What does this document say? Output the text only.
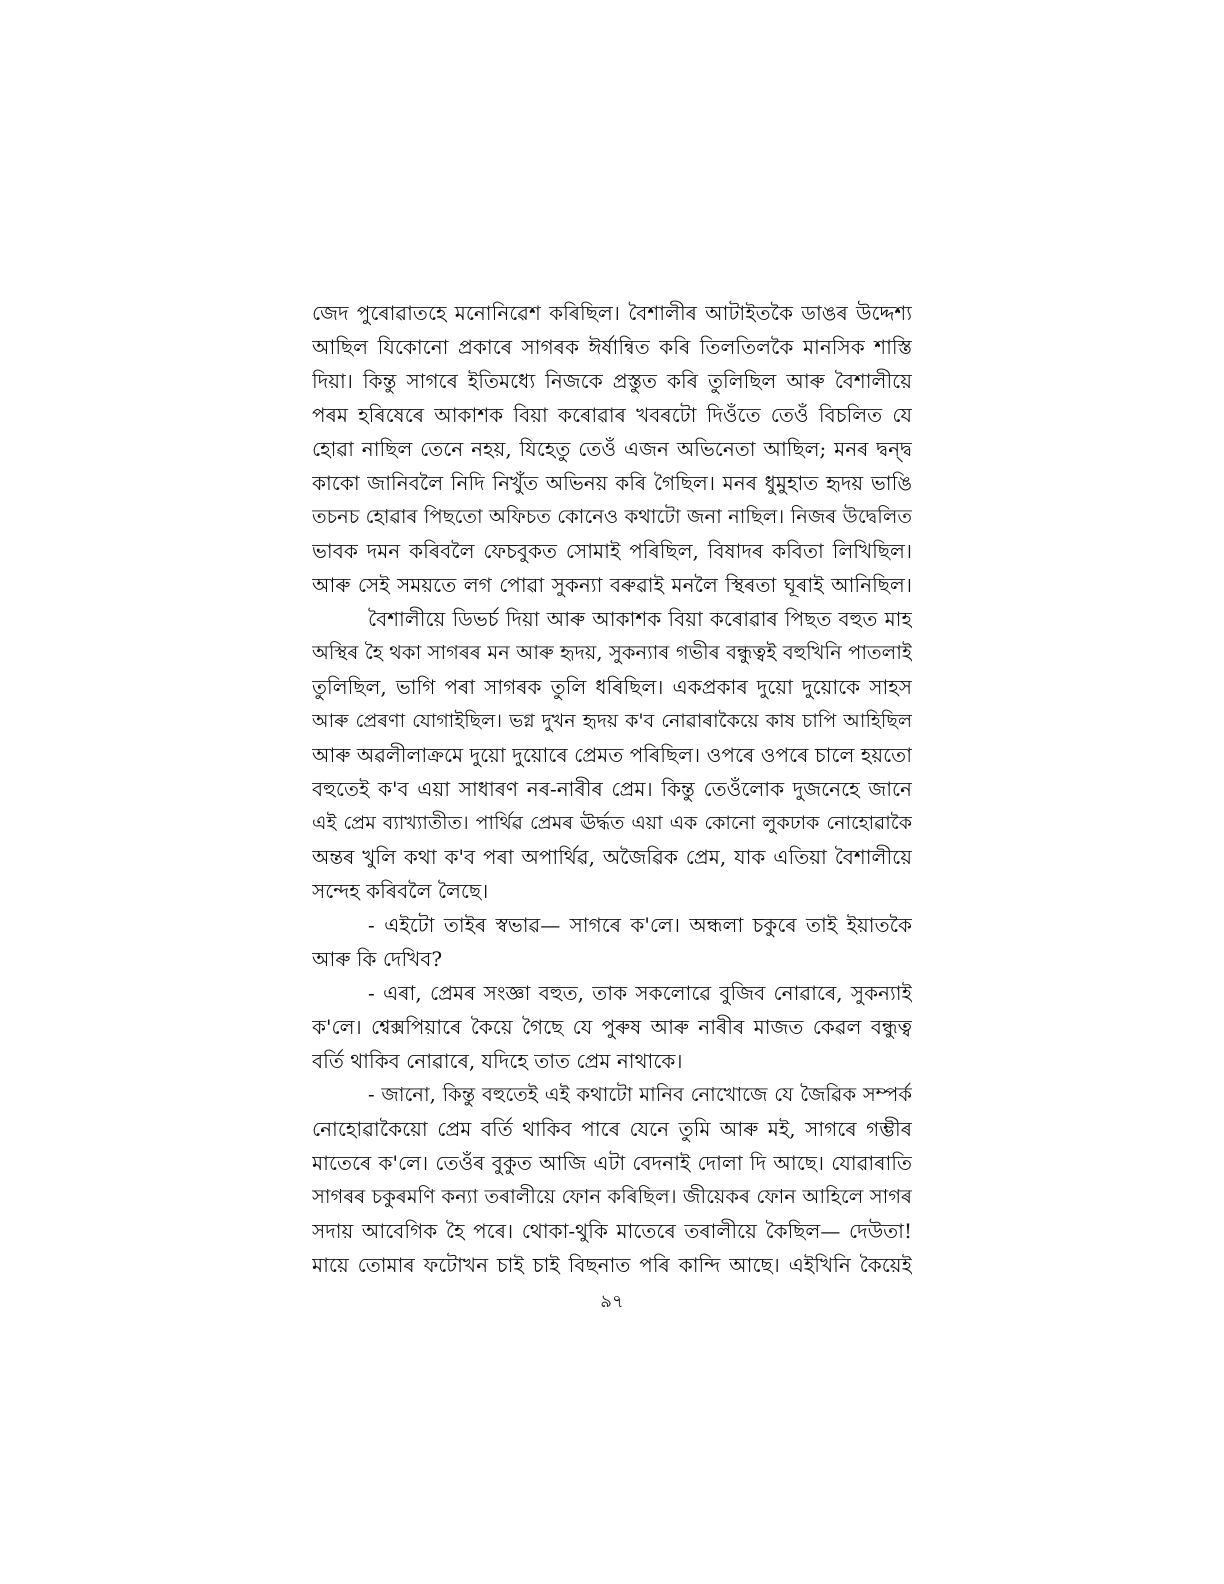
জেদ পুৰোৱাতহে মনোনিৱেশ কৰিছিল। বৈশালীৰ আটাইতকৈ ডাঙৰ উদ্দেশ্য
আছিল যিকোনো প্ৰকাৰে সাগৰক ঈৰ্ষান্বিত কৰি তিলতিলকৈ মানসিক শাস্তি
দিয়া। কিন্তু সাগৰে ইতিমধ্যে নিজকে প্ৰস্তুত কৰি তুলিছিল আৰু বৈশালীয়ে
পৰম হৰিষেৰে আকাশক বিয়া কৰোৱাৰ খবৰটো দিওঁতে তেওঁ বিচলিত যে
হোৱা নাছিল তেনে নহয়, যিহেতু তেওঁ এজন অভিনেতা আছিল; মনৰ দ্বন্দ্ব
কাকো জানিবলৈ নিদি নিখুঁত অভিনয় কৰি গৈছিল। মনৰ ধুমুহাত হৃদয় ভাঙি
তচনচ হোৱাৰ পিছতো অফিচত কোনেও কথাটো জনা নাছিল। নিজৰ উদ্বেলিত
ভাবক দমন কৰিবলৈ ফেচবুকত সোমাই পৰিছিল, বিষাদৰ কবিতা লিখিছিল।
আৰু সেই সময়তে লগ পোৱা সুকন্যা বৰুৱাই মনলৈ স্থিৰতা ঘূৰাই আনিছিল।
বৈশালীয়ে ডিভৰ্চ দিয়া আৰু আকাশক বিয়া কৰোৱাৰ পিছত বহুত মাহ
অস্থিৰ হৈ থকা সাগৰৰ মন আৰু হৃদয়, সুকন্যাৰ গভীৰ বন্ধুত্বই বহুখিনি পাতলাই
তুলিছিল, ভাগি পৰা সাগৰক তুলি ধৰিছিল। একপ্ৰকাৰ দুয়ো দুয়োকে সাহস
আৰু প্ৰেৰণা যোগাইছিল। ভগ্ন দুখন হৃদয় ক'ব নোৱাৰাকৈয়ে কাষ চাপি আহিছিল
আৰু অৱলীলাক্ৰমে দুয়ো দুয়োৰে প্ৰেমত পৰিছিল। ওপৰে ওপৰে চালে হয়তো
বহুতেই ক'ব এয়া সাধাৰণ নৰ-নাৰীৰ প্ৰেম। কিন্তু তেওঁলোক দুজনেহে জানে
এই প্ৰেম ব্যাখ্যাতীত। পাৰ্থিৱ প্ৰেমৰ ঊৰ্দ্ধত এয়া এক কোনো লুকঢাক নোহোৱাকৈ
অন্তৰ খুলি কথা ক'ব পৰা অপাৰ্থিৱ, অজৈৱিক প্ৰেম, যাক এতিয়া বৈশালীয়ে
সন্দেহ কৰিবলৈ লৈছে।
- এইটো তাইৰ স্বভাৱ— সাগৰে ক'লে। অন্ধলা চকুৰে তাই ইয়াতকৈ
আৰু কি দেখিব?
- এৰা, প্ৰেমৰ সংজ্ঞা বহুত, তাক সকলোৱে বুজিব নোৱাৰে, সুকন্যাই
ক'লে। শ্বেক্সপিয়াৰে কৈয়ে গৈছে যে পুৰুষ আৰু নাৰীৰ মাজত কেৱল বন্ধুত্ব
বৰ্তি থাকিব নোৱাৰে, যদিহে তাত প্ৰেম নাথাকে।
- জানো, কিন্তু বহুতেই এই কথাটো মানিব নোখোজে যে জৈৱিক সম্পৰ্ক
নোহোৱাকৈয়ো প্ৰেম বৰ্তি থাকিব পাৰে যেনে তুমি আৰু মই, সাগৰে গম্ভীৰ
মাতেৰে ক'লে। তেওঁৰ বুকুত আজি এটা বেদনাই দোলা দি আছে। যোৱাৰাতি
সাগৰৰ চকুৰমণি কন্যা তৰালীয়ে ফোন কৰিছিল। জীয়েকৰ ফোন আহিলে সাগৰ
সদায় আবেগিক হৈ পৰে। থোকা-থুকি মাতেৰে তৰালীয়ে কৈছিল— দেউতা!
মায়ে তোমাৰ ফটোখন চাই চাই বিছনাত পৰি কান্দি আছে। এইখিনি কৈয়েই
৯৭
